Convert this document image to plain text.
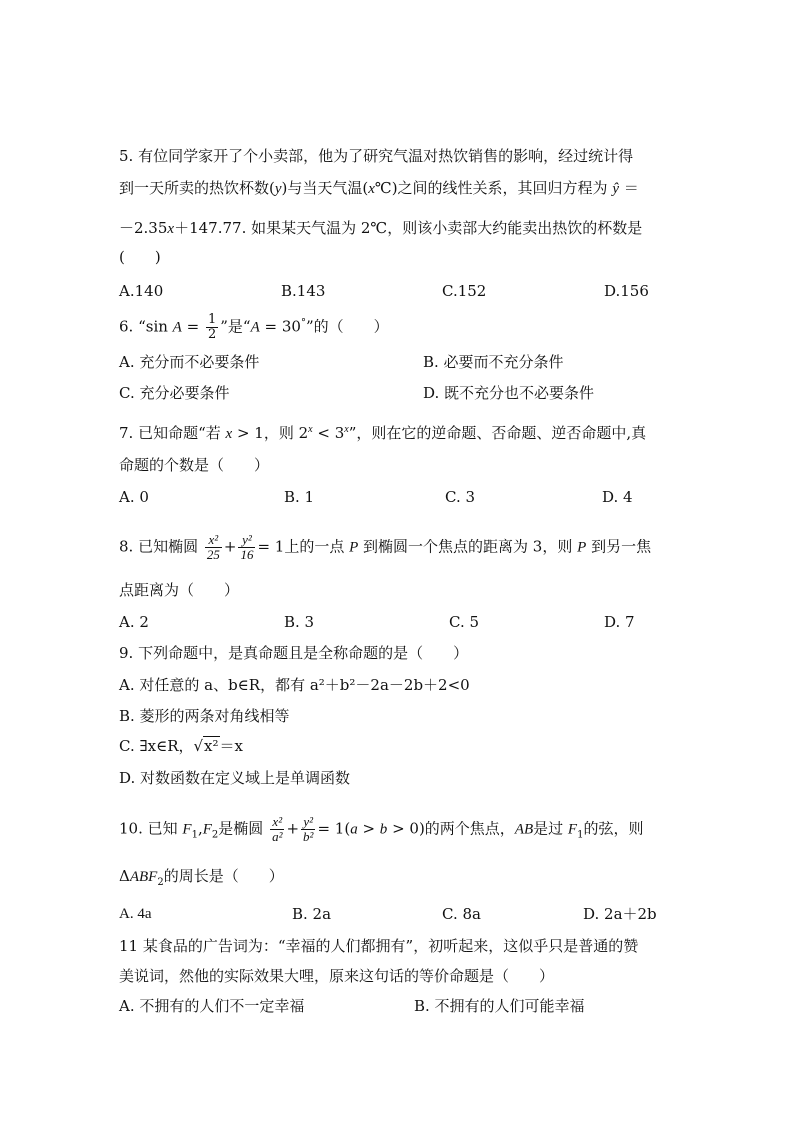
5. 有位同学家开了个小卖部，他为了研究气温对热饮销售的影响，经过统计得
到一天所卖的热饮杯数(y)与当天气温(x℃)之间的线性关系，其回归方程为 ŷ ＝
－2.35x＋147.77. 如果某天气温为 2℃，则该小卖部大约能卖出热饮的杯数是
(　　)
A.140	B.143	C.152	D.156
6. “sin $A = \frac{1}{2}$ ”是“A = 30°”的（　　）
A. 充分而不必要条件	B. 必要而不充分条件
C. 充分必要条件	D. 既不充分也不必要条件
7. 已知命题“若 x > 1，则 $2^x < 3^x$”，则在它的逆命题、否命题、逆否命题中,真
命题的个数是（　　）
A. 0	B. 1	C. 3	D. 4
8. 已知椭圆 $\frac{\text{x²}}{25} + \frac{\text{y²}}{16} = 1$上的一点 P 到椭圆一个焦点的距离为 3，则 P 到另一焦
点距离为（　　）
A. 2	B. 3	C. 5	D. 7
9. 下列命题中，是真命题且是全称命题的是（　　）
A. 对任意的 a、b∈R，都有 a²＋b²－2a－2b＋2<0
B. 菱形的两条对角线相等
C. ∃x∈R，√x²＝x
D. 对数函数在定义域上是单调函数
10. 已知 $F_1,F_2$是椭圆 $\frac{\text{x²}}{\text{a²}} + \frac{\text{y²}}{\text{b²}} = 1(a > b > 0)$的两个焦点，AB是过 $F_1$的弦，则
$\Delta ABF_2$的周长是（　　）
A. 4a	B. 2a	C. 8a	D. 2a＋2b
11 某食品的广告词为：“幸福的人们都拥有”，初听起来，这似乎只是普通的赞
美说词，然他的实际效果大哩，原来这句话的等价命题是（　　）
A. 不拥有的人们不一定幸福	B. 不拥有的人们可能幸福
